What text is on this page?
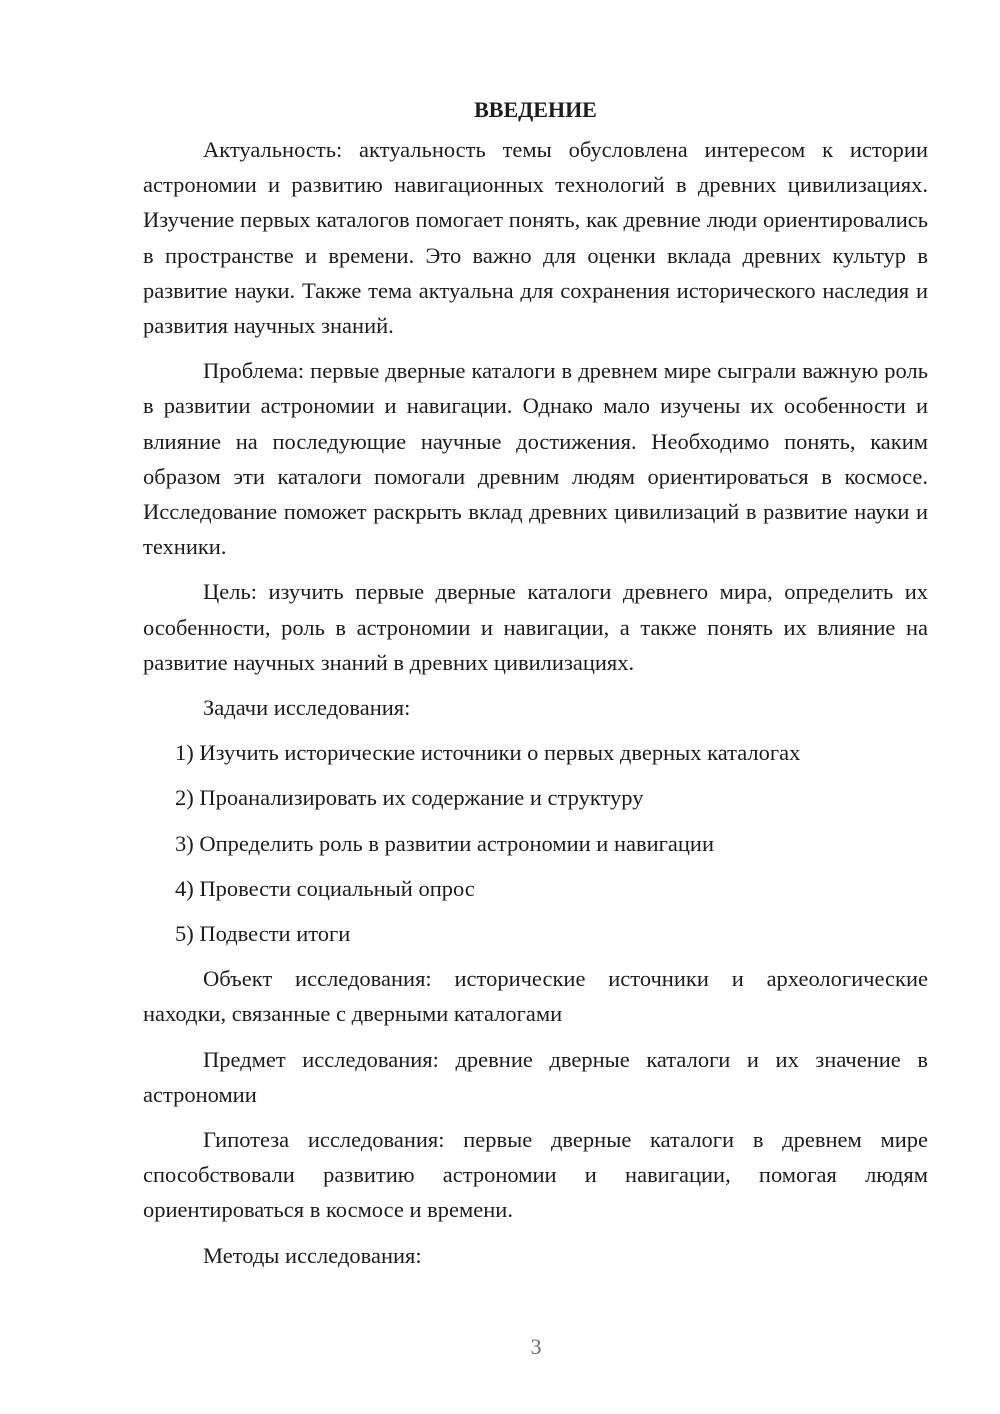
ВВЕДЕНИЕ

Актуальность: актуальность темы обусловлена интересом к истории астрономии и развитию навигационных технологий в древних цивилизациях. Изучение первых каталогов помогает понять, как древние люди ориентировались в пространстве и времени. Это важно для оценки вклада древних культур в развитие науки. Также тема актуальна для сохранения исторического наследия и развития научных знаний.

Проблема: первые дверные каталоги в древнем мире сыграли важную роль в развитии астрономии и навигации. Однако мало изучены их особенности и влияние на последующие научные достижения. Необходимо понять, каким образом эти каталоги помогали древним людям ориентироваться в космосе. Исследование поможет раскрыть вклад древних цивилизаций в развитие науки и техники.

Цель: изучить первые дверные каталоги древнего мира, определить их особенности, роль в астрономии и навигации, а также понять их влияние на развитие научных знаний в древних цивилизациях.

Задачи исследования:

1) Изучить исторические источники о первых дверных каталогах
2) Проанализировать их содержание и структуру
3) Определить роль в развитии астрономии и навигации
4) Провести социальный опрос
5) Подвести итоги

Объект исследования: исторические источники и археологические находки, связанные с дверными каталогами

Предмет исследования: древние дверные каталоги и их значение в астрономии

Гипотеза исследования: первые дверные каталоги в древнем мире способствовали развитию астрономии и навигации, помогая людям ориентироваться в космосе и времени.

Методы исследования:

3
